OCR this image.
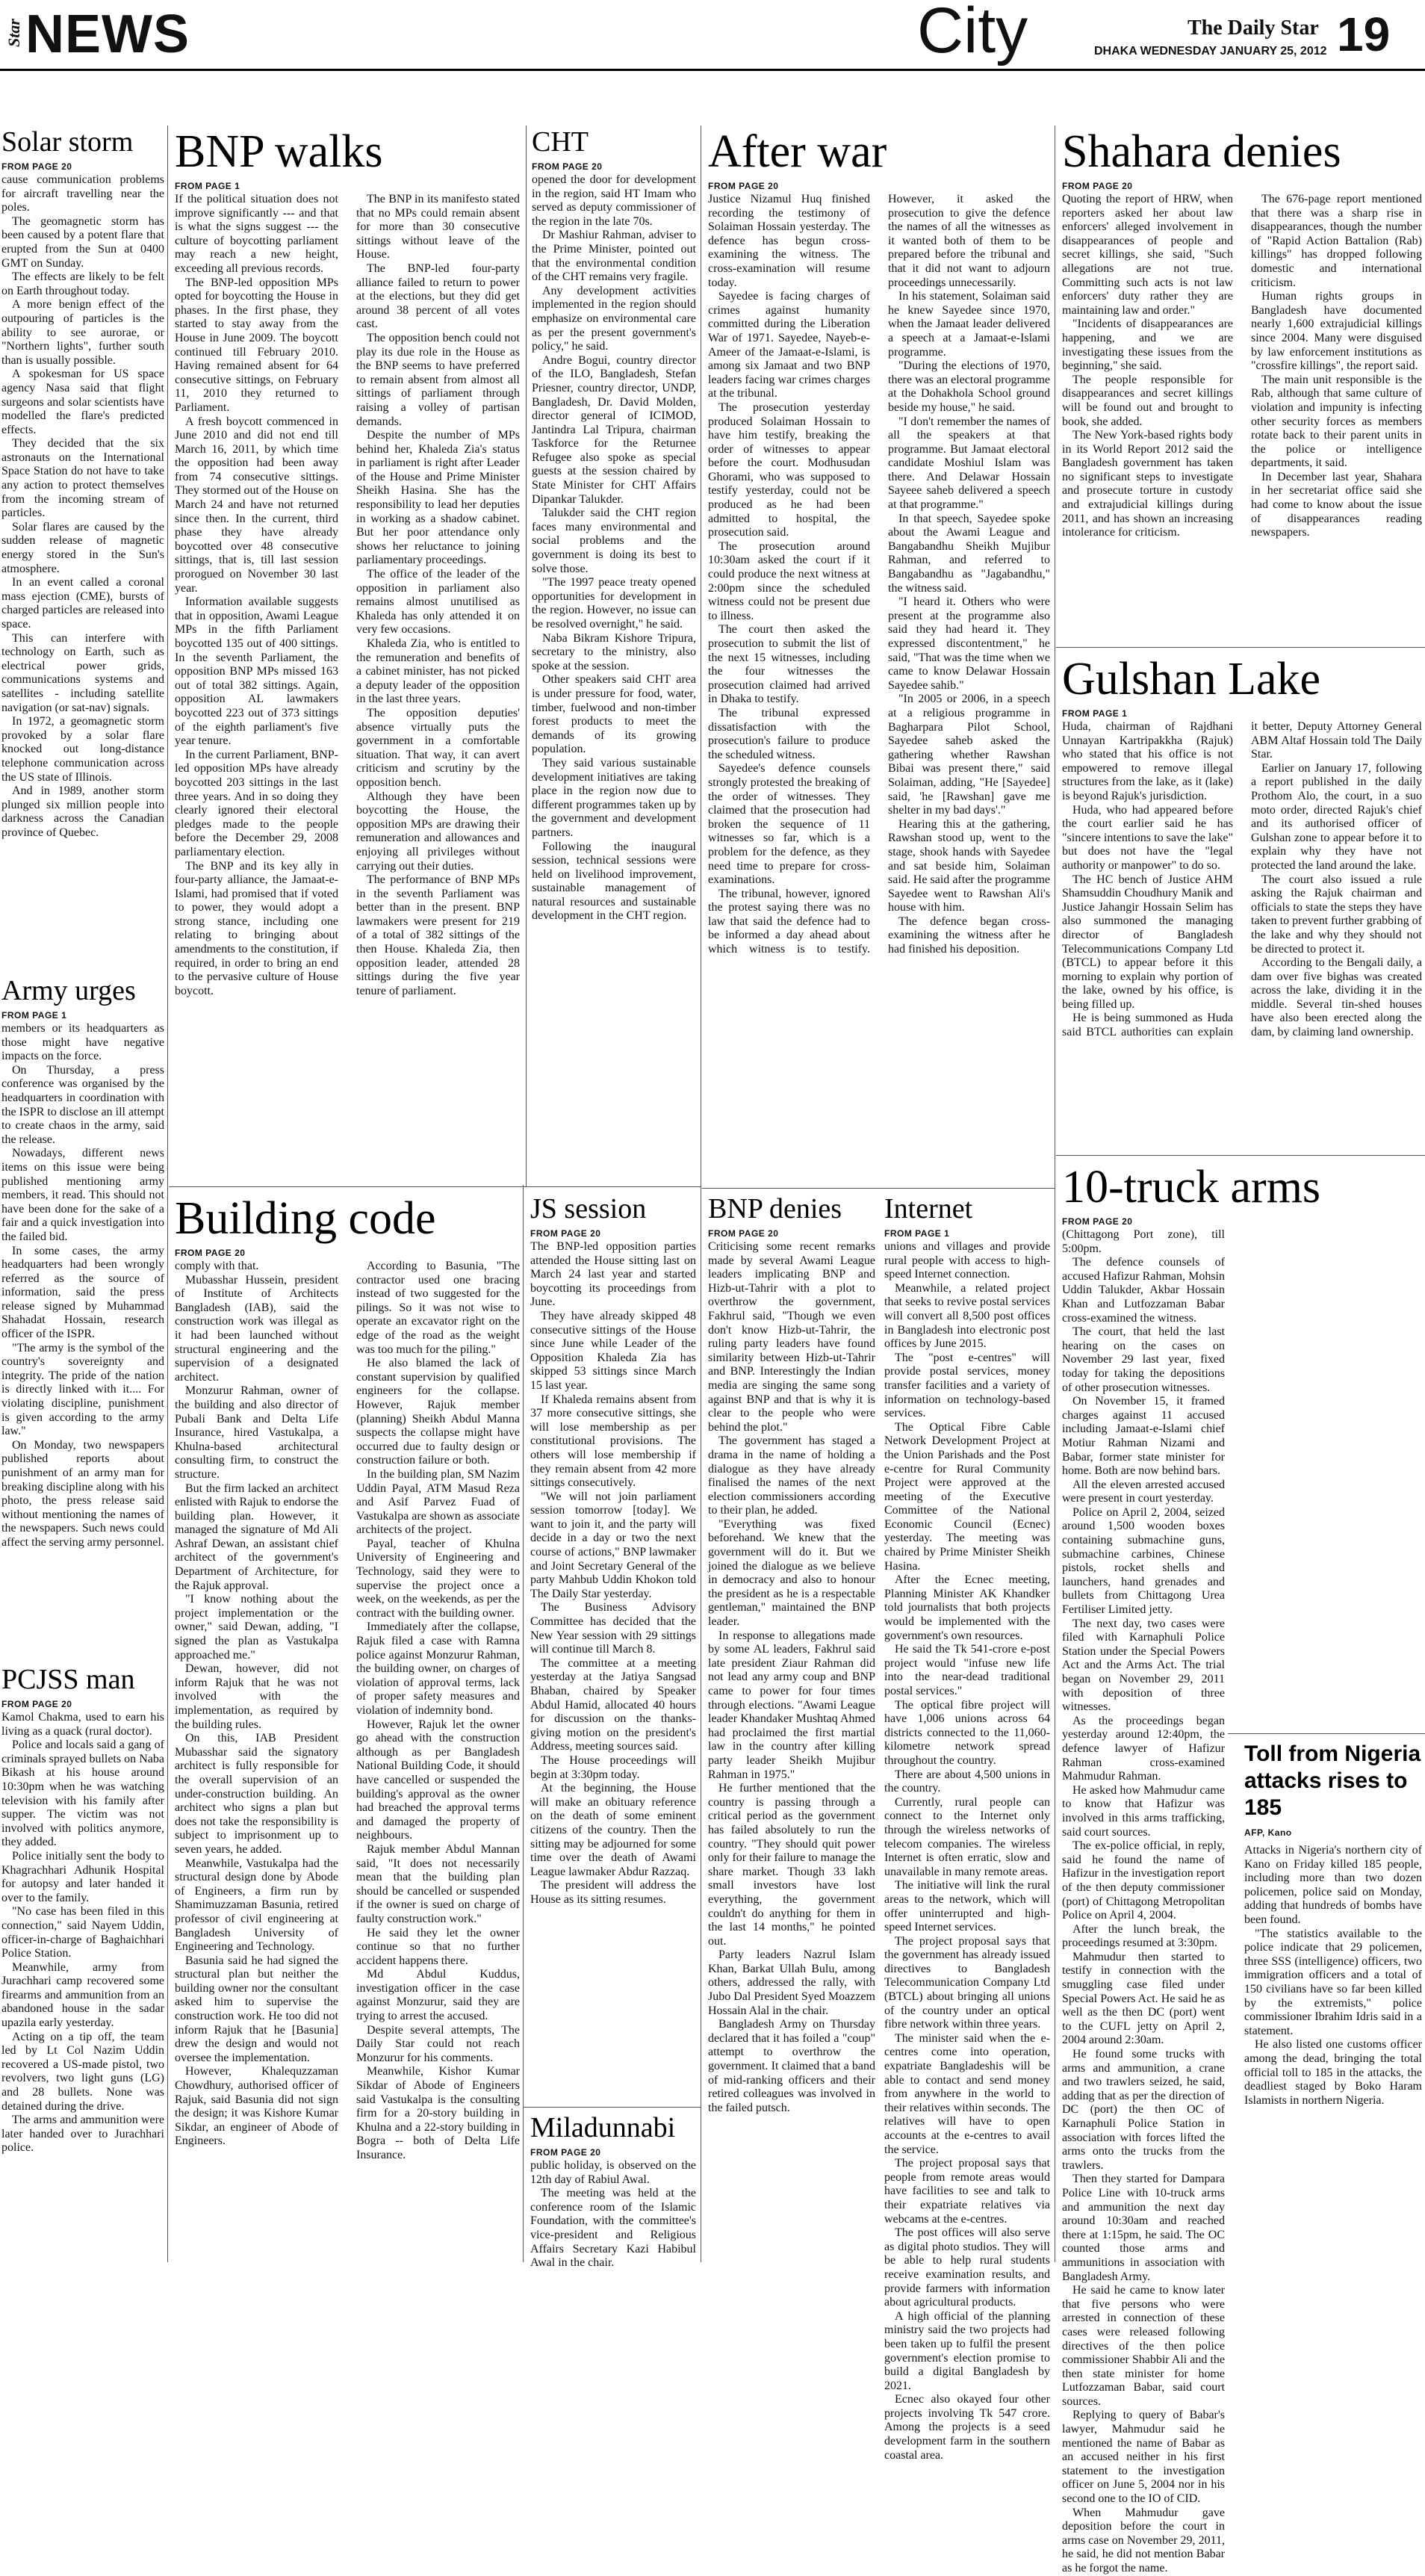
Star NEWS	City	The Daily Star
DHAKA WEDNESDAY JANUARY 25, 2012 19
Solar storm
FROM PAGE 20

cause communication problems for aircraft travelling near the poles.

The geomagnetic storm has been caused by a potent flare that erupted from the Sun at 0400 GMT on Sunday.

The effects are likely to be felt on Earth throughout today.

A more benign effect of the outpouring of particles is the ability to see aurorae, or "Northern lights", further south than is usually possible.

A spokesman for US space agency Nasa said that flight surgeons and solar scientists have modelled the flare's predicted effects.

They decided that the six astronauts on the International Space Station do not have to take any action to protect themselves from the incoming stream of particles.

Solar flares are caused by the sudden release of magnetic energy stored in the Sun's atmosphere.

In an event called a coronal mass ejection (CME), bursts of charged particles are released into space.

This can interfere with technology on Earth, such as electrical power grids, communications systems and satellites - including satellite navigation (or sat-nav) signals.

In 1972, a geomagnetic storm provoked by a solar flare knocked out long-distance telephone communication across the US state of Illinois.

And in 1989, another storm plunged six million people into darkness across the Canadian province of Quebec.

Army urges
FROM PAGE 1

members or its headquarters as those might have negative impacts on the force.

On Thursday, a press conference was organised by the headquarters in coordination with the ISPR to disclose an ill attempt to create chaos in the army, said the release.

Nowadays, different news items on this issue were being published mentioning army members, it read. This should not have been done for the sake of a fair and a quick investigation into the failed bid.

In some cases, the army headquarters had been wrongly referred as the source of information, said the press release signed by Muhammad Shahadat Hossain, research officer of the ISPR.

"The army is the symbol of the country's sovereignty and integrity. The pride of the nation is directly linked with it.... For violating discipline, punishment is given according to the army law."

On Monday, two newspapers published reports about punishment of an army man for breaking discipline along with his photo, the press release said without mentioning the names of the newspapers. Such news could affect the serving army personnel.

PCJSS man
FROM PAGE 20

Kamol Chakma, used to earn his living as a quack (rural doctor).

Police and locals said a gang of criminals sprayed bullets on Naba Bikash at his house around 10:30pm when he was watching television with his family after supper. The victim was not involved with politics anymore, they added.

Police initially sent the body to Khagrachhari Adhunik Hospital for autopsy and later handed it over to the family.

"No case has been filed in this connection," said Nayem Uddin, officer-in-charge of Baghaichhari Police Station.

Meanwhile, army from Jurachhari camp recovered some firearms and ammunition from an abandoned house in the sadar upazila early yesterday.

Acting on a tip off, the team led by Lt Col Nazim Uddin recovered a US-made pistol, two revolvers, two light guns (LG) and 28 bullets. None was detained during the drive.

The arms and ammunition were later handed over to Jurachhari police.

BNP walks
FROM PAGE 1

If the political situation does not improve significantly --- and that is what the signs suggest --- the culture of boycotting parliament may reach a new height, exceeding all previous records.

The BNP-led opposition MPs opted for boycotting the House in phases. In the first phase, they started to stay away from the House in June 2009. The boycott continued till February 2010. Having remained absent for 64 consecutive sittings, on February 11, 2010 they returned to Parliament.

A fresh boycott commenced in June 2010 and did not end till March 16, 2011, by which time the opposition had been away from 74 consecutive sittings. They stormed out of the House on March 24 and have not returned since then. In the current, third phase they have already boycotted over 48 consecutive sittings, that is, till last session prorogued on November 30 last year.

Information available suggests that in opposition, Awami League MPs in the fifth Parliament boycotted 135 out of 400 sittings. In the seventh Parliament, the opposition BNP MPs missed 163 out of total 382 sittings. Again, opposition AL lawmakers boycotted 223 out of 373 sittings of the eighth parliament's five year tenure.

In the current Parliament, BNP-led opposition MPs have already boycotted 203 sittings in the last three years. And in so doing they clearly ignored their electoral pledges made to the people before the December 29, 2008 parliamentary election.

The BNP and its key ally in four-party alliance, the Jamaat-e-Islami, had promised that if voted to power, they would adopt a strong stance, including one relating to bringing about amendments to the constitution, if required, in order to bring an end to the pervasive culture of House boycott.

The BNP in its manifesto stated that no MPs could remain absent for more than 30 consecutive sittings without leave of the House.

The BNP-led four-party alliance failed to return to power at the elections, but they did get around 38 percent of all votes cast.

The opposition bench could not play its due role in the House as the BNP seems to have preferred to remain absent from almost all sittings of parliament through raising a volley of partisan demands.

Despite the number of MPs behind her, Khaleda Zia's status in parliament is right after Leader of the House and Prime Minister Sheikh Hasina. She has the responsibility to lead her deputies in working as a shadow cabinet. But her poor attendance only shows her reluctance to joining parliamentary proceedings.

The office of the leader of the opposition in parliament also remains almost unutilised as Khaleda has only attended it on very few occasions.

Khaleda Zia, who is entitled to the remuneration and benefits of a cabinet minister, has not picked a deputy leader of the opposition in the last three years.

The opposition deputies' absence virtually puts the government in a comfortable situation. That way, it can avert criticism and scrutiny by the opposition bench.

Although they have been boycotting the House, the opposition MPs are drawing their remuneration and allowances and enjoying all privileges without carrying out their duties.

The performance of BNP MPs in the seventh Parliament was better than in the present. BNP lawmakers were present for 219 of a total of 382 sittings of the then House. Khaleda Zia, then opposition leader, attended 28 sittings during the five year tenure of parliament.

CHT
FROM PAGE 20

opened the door for development in the region, said HT Imam who served as deputy commissioner of the region in the late 70s.

Dr Mashiur Rahman, adviser to the Prime Minister, pointed out that the environmental condition of the CHT remains very fragile.

Any development activities implemented in the region should emphasize on environmental care as per the present government's policy," he said.

Andre Bogui, country director of the ILO, Bangladesh, Stefan Priesner, country director, UNDP, Bangladesh, Dr. David Molden, director general of ICIMOD, Jantindra Lal Tripura, chairman Taskforce for the Returnee Refugee also spoke as special guests at the session chaired by State Minister for CHT Affairs Dipankar Talukder.

Talukder said the CHT region faces many environmental and social problems and the government is doing its best to solve those.

"The 1997 peace treaty opened opportunities for development in the region. However, no issue can be resolved overnight," he said.

Naba Bikram Kishore Tripura, secretary to the ministry, also spoke at the session.

Other speakers said CHT area is under pressure for food, water, timber, fuelwood and non-timber forest products to meet the demands of its growing population.

They said various sustainable development initiatives are taking place in the region now due to different programmes taken up by the government and development partners.

Following the inaugural session, technical sessions were held on livelihood improvement, sustainable management of natural resources and sustainable development in the CHT region.

After war
FROM PAGE 20

Justice Nizamul Huq finished recording the testimony of Solaiman Hossain yesterday. The defence has begun cross-examining the witness. The cross-examination will resume today.

Sayedee is facing charges of crimes against humanity committed during the Liberation War of 1971. Sayedee, Nayeb-e-Ameer of the Jamaat-e-Islami, is among six Jamaat and two BNP leaders facing war crimes charges at the tribunal.

The prosecution yesterday produced Solaiman Hossain to have him testify, breaking the order of witnesses to appear before the court. Modhusudan Ghorami, who was supposed to testify yesterday, could not be produced as he had been admitted to hospital, the prosecution said.

The prosecution around 10:30am asked the court if it could produce the next witness at 2:00pm since the scheduled witness could not be present due to illness.

The court then asked the prosecution to submit the list of the next 15 witnesses, including the four witnesses the prosecution claimed had arrived in Dhaka to testify.

The tribunal expressed dissatisfaction with the prosecution's failure to produce the scheduled witness.

Sayedee's defence counsels strongly protested the breaking of the order of witnesses. They claimed that the prosecution had broken the sequence of 11 witnesses so far, which is a problem for the defence, as they need time to prepare for cross-examinations.

The tribunal, however, ignored the protest saying there was no law that said the defence had to be informed a day ahead about which witness is to testify. However, it asked the prosecution to give the defence the names of all the witnesses as it wanted both of them to be prepared before the tribunal and that it did not want to adjourn proceedings unnecessarily.

In his statement, Solaiman said he knew Sayedee since 1970, when the Jamaat leader delivered a speech at a Jamaat-e-Islami programme.

"During the elections of 1970, there was an electoral programme at the Dohakhola School ground beside my house," he said.

"I don't remember the names of all the speakers at that programme. But Jamaat electoral candidate Moshiul Islam was there. And Delawar Hossain Sayeee saheb delivered a speech at that programme."

In that speech, Sayedee spoke about the Awami League and Bangabandhu Sheikh Mujibur Rahman, and referred to Bangabandhu as "Jagabandhu," the witness said.

"I heard it. Others who were present at the programme also said they had heard it. They expressed discontentment," he said, "That was the time when we came to know Delawar Hossain Sayedee sahib."

"In 2005 or 2006, in a speech at a religious programme in Bagharpara Pilot School, Sayedee saheb asked the gathering whether Rawshan Bibai was present there," said Solaiman, adding, "He [Sayedee] said, 'he [Rawshan] gave me shelter in my bad days'."

Hearing this at the gathering, Rawshan stood up, went to the stage, shook hands with Sayedee and sat beside him, Solaiman said. He said after the programme Sayedee went to Rawshan Ali's house with him.

The defence began cross-examining the witness after he had finished his deposition.

Building code
FROM PAGE 20

comply with that.

Mubasshar Hussein, president of Institute of Architects Bangladesh (IAB), said the construction work was illegal as it had been launched without structural engineering and the supervision of a designated architect.

Monzurur Rahman, owner of the building and also director of Pubali Bank and Delta Life Insurance, hired Vastukalpa, a Khulna-based architectural consulting firm, to construct the structure.

But the firm lacked an architect enlisted with Rajuk to endorse the building plan. However, it managed the signature of Md Ali Ashraf Dewan, an assistant chief architect of the government's Department of Architecture, for the Rajuk approval.

"I know nothing about the project implementation or the owner," said Dewan, adding, "I signed the plan as Vastukalpa approached me."

Dewan, however, did not inform Rajuk that he was not involved with the implementation, as required by the building rules.

On this, IAB President Mubasshar said the signatory architect is fully responsible for the overall supervision of an under-construction building. An architect who signs a plan but does not take the responsibility is subject to imprisonment up to seven years, he added.

Meanwhile, Vastukalpa had the structural design done by Abode of Engineers, a firm run by Shamimuzzaman Basunia, retired professor of civil engineering at Bangladesh University of Engineering and Technology.

Basunia said he had signed the structural plan but neither the building owner nor the consultant asked him to supervise the construction work. He too did not inform Rajuk that he [Basunia] drew the design and would not oversee the implementation.

However, Khalequzzaman Chowdhury, authorised officer of Rajuk, said Basunia did not sign the design; it was Kishore Kumar Sikdar, an engineer of Abode of Engineers.

According to Basunia, "The contractor used one bracing instead of two suggested for the pilings. So it was not wise to operate an excavator right on the edge of the road as the weight was too much for the piling."

He also blamed the lack of constant supervision by qualified engineers for the collapse. However, Rajuk member (planning) Sheikh Abdul Manna suspects the collapse might have occurred due to faulty design or construction failure or both.

In the building plan, SM Nazim Uddin Payal, ATM Masud Reza and Asif Parvez Fuad of Vastukalpa are shown as associate architects of the project.

Payal, teacher of Khulna University of Engineering and Technology, said they were to supervise the project once a week, on the weekends, as per the contract with the building owner.

Immediately after the collapse, Rajuk filed a case with Ramna police against Monzurur Rahman, the building owner, on charges of violation of approval terms, lack of proper safety measures and violation of indemnity bond.

However, Rajuk let the owner go ahead with the construction although as per Bangladesh National Building Code, it should have cancelled or suspended the building's approval as the owner had breached the approval terms and damaged the property of neighbours.

Rajuk member Abdul Mannan said, "It does not necessarily mean that the building plan should be cancelled or suspended if the owner is sued on charge of faulty construction work."

He said they let the owner continue so that no further accident happens there.

Md Abdul Kuddus, investigation officer in the case against Monzurur, said they are trying to arrest the accused.

Despite several attempts, The Daily Star could not reach Monzurur for his comments.

Meanwhile, Kishor Kumar Sikdar of Abode of Engineers said Vastukalpa is the consulting firm for a 20-story building in Khulna and a 22-story building in Bogra -- both of Delta Life Insurance.

JS session
FROM PAGE 20

The BNP-led opposition parties attended the House sitting last on March 24 last year and started boycotting its proceedings from June.

They have already skipped 48 consecutive sittings of the House since June while Leader of the Opposition Khaleda Zia has skipped 53 sittings since March 15 last year.

If Khaleda remains absent from 37 more consecutive sittings, she will lose membership as per constitutional provisions. The others will lose membership if they remain absent from 42 more sittings consecutively.

"We will not join parliament session tomorrow [today]. We want to join it, and the party will decide in a day or two the next course of actions," BNP lawmaker and Joint Secretary General of the party Mahbub Uddin Khokon told The Daily Star yesterday.

The Business Advisory Committee has decided that the New Year session with 29 sittings will continue till March 8.

The committee at a meeting yesterday at the Jatiya Sangsad Bhaban, chaired by Speaker Abdul Hamid, allocated 40 hours for discussion on the thanks-giving motion on the president's Address, meeting sources said.

The House proceedings will begin at 3:30pm today.

At the beginning, the House will make an obituary reference on the death of some eminent citizens of the country. Then the sitting may be adjourned for some time over the death of Awami League lawmaker Abdur Razzaq.

The president will address the House as its sitting resumes.

Miladunnabi
FROM PAGE 20

public holiday, is observed on the 12th day of Rabiul Awal.

The meeting was held at the conference room of the Islamic Foundation, with the committee's vice-president and Religious Affairs Secretary Kazi Habibul Awal in the chair.

BNP denies
FROM PAGE 20

Criticising some recent remarks made by several Awami League leaders implicating BNP and Hizb-ut-Tahrir with a plot to overthrow the government, Fakhrul said, "Though we even don't know Hizb-ut-Tahrir, the ruling party leaders have found similarity between Hizb-ut-Tahrir and BNP. Interestingly the Indian media are singing the same song against BNP and that is why it is clear to the people who were behind the plot."

The government has staged a drama in the name of holding a dialogue as they have already finalised the names of the next election commissioners according to their plan, he added.

"Everything was fixed beforehand. We knew that the government will do it. But we joined the dialogue as we believe in democracy and also to honour the president as he is a respectable gentleman," maintained the BNP leader.

In response to allegations made by some AL leaders, Fakhrul said late president Ziaur Rahman did not lead any army coup and BNP came to power for four times through elections. "Awami League leader Khandaker Mushtaq Ahmed had proclaimed the first martial law in the country after killing party leader Sheikh Mujibur Rahman in 1975."

He further mentioned that the country is passing through a critical period as the government has failed absolutely to run the country. "They should quit power only for their failure to manage the share market. Though 33 lakh small investors have lost everything, the government couldn't do anything for them in the last 14 months," he pointed out.

Party leaders Nazrul Islam Khan, Barkat Ullah Bulu, among others, addressed the rally, with Jubo Dal President Syed Moazzem Hossain Alal in the chair.

Bangladesh Army on Thursday declared that it has foiled a "coup" attempt to overthrow the government. It claimed that a band of mid-ranking officers and their retired colleagues was involved in the failed putsch.

Internet
FROM PAGE 1

unions and villages and provide rural people with access to high-speed Internet connection.

Meanwhile, a related project that seeks to revive postal services will convert all 8,500 post offices in Bangladesh into electronic post offices by June 2015.

The "post e-centres" will provide postal services, money transfer facilities and a variety of information on technology-based services.

The Optical Fibre Cable Network Development Project at the Union Parishads and the Post e-centre for Rural Community Project were approved at the meeting of the Executive Committee of the National Economic Council (Ecnec) yesterday. The meeting was chaired by Prime Minister Sheikh Hasina.

After the Ecnec meeting, Planning Minister AK Khandker told journalists that both projects would be implemented with the government's own resources.

He said the Tk 541-crore e-post project would "infuse new life into the near-dead traditional postal services."

The optical fibre project will have 1,006 unions across 64 districts connected to the 11,060-kilometre network spread throughout the country.

There are about 4,500 unions in the country.

Currently, rural people can connect to the Internet only through the wireless networks of telecom companies. The wireless Internet is often erratic, slow and unavailable in many remote areas.

The initiative will link the rural areas to the network, which will offer uninterrupted and high-speed Internet services.

The project proposal says that the government has already issued directives to Bangladesh Telecommunication Company Ltd (BTCL) about bringing all unions of the country under an optical fibre network within three years.

The minister said when the e-centres come into operation, expatriate Bangladeshis will be able to contact and send money from anywhere in the world to their relatives within seconds. The relatives will have to open accounts at the e-centres to avail the service.

The project proposal says that people from remote areas would have facilities to see and talk to their expatriate relatives via webcams at the e-centres.

The post offices will also serve as digital photo studios. They will be able to help rural students receive examination results, and provide farmers with information about agricultural products.

A high official of the planning ministry said the two projects had been taken up to fulfil the present government's election promise to build a digital Bangladesh by 2021.

Ecnec also okayed four other projects involving Tk 547 crore. Among the projects is a seed development farm in the southern coastal area.

Shahara denies
FROM PAGE 20

Quoting the report of HRW, when reporters asked her about law enforcers' alleged involvement in disappearances of people and secret killings, she said, "Such allegations are not true. Committing such acts is not law enforcers' duty rather they are maintaining law and order."

"Incidents of disappearances are happening, and we are investigating these issues from the beginning," she said.

The people responsible for disappearances and secret killings will be found out and brought to book, she added.

The New York-based rights body in its World Report 2012 said the Bangladesh government has taken no significant steps to investigate and prosecute torture in custody and extrajudicial killings during 2011, and has shown an increasing intolerance for criticism.

The 676-page report mentioned that there was a sharp rise in disappearances, though the number of "Rapid Action Battalion (Rab) killings" has dropped following domestic and international criticism.

Human rights groups in Bangladesh have documented nearly 1,600 extrajudicial killings since 2004. Many were disguised by law enforcement institutions as "crossfire killings", the report said.

The main unit responsible is the Rab, although that same culture of violation and impunity is infecting other security forces as members rotate back to their parent units in the police or intelligence departments, it said.

In December last year, Shahara in her secretariat office said she had come to know about the issue of disappearances reading newspapers.

Gulshan Lake
FROM PAGE 1

Huda, chairman of Rajdhani Unnayan Kartripakkha (Rajuk) who stated that his office is not empowered to remove illegal structures from the lake, as it (lake) is beyond Rajuk's jurisdiction.

Huda, who had appeared before the court earlier said he has "sincere intentions to save the lake" but does not have the "legal authority or manpower" to do so.

The HC bench of Justice AHM Shamsuddin Choudhury Manik and Justice Jahangir Hossain Selim has also summoned the managing director of Bangladesh Telecommunications Company Ltd (BTCL) to appear before it this morning to explain why portion of the lake, owned by his office, is being filled up.

He is being summoned as Huda said BTCL authorities can explain it better, Deputy Attorney General ABM Altaf Hossain told The Daily Star.

Earlier on January 17, following a report published in the daily Prothom Alo, the court, in a suo moto order, directed Rajuk's chief and its authorised officer of Gulshan zone to appear before it to explain why they have not protected the land around the lake.

The court also issued a rule asking the Rajuk chairman and officials to state the steps they have taken to prevent further grabbing of the lake and why they should not be directed to protect it.

According to the Bengali daily, a dam over five bighas was created across the lake, dividing it in the middle. Several tin-shed houses have also been erected along the dam, by claiming land ownership.

10-truck arms
FROM PAGE 20

(Chittagong Port zone), till 5:00pm.

The defence counsels of accused Hafizur Rahman, Mohsin Uddin Talukder, Akbar Hossain Khan and Lutfozzaman Babar cross-examined the witness.

The court, that held the last hearing on the cases on November 29 last year, fixed today for taking the depositions of other prosecution witnesses.

On November 15, it framed charges against 11 accused including Jamaat-e-Islami chief Motiur Rahman Nizami and Babar, former state minister for home. Both are now behind bars.

All the eleven arrested accused were present in court yesterday.

Police on April 2, 2004, seized around 1,500 wooden boxes containing submachine guns, submachine carbines, Chinese pistols, rocket shells and launchers, hand grenades and bullets from Chittagong Urea Fertiliser Limited jetty.

The next day, two cases were filed with Karnaphuli Police Station under the Special Powers Act and the Arms Act. The trial began on November 29, 2011 with deposition of three witnesses.

As the proceedings began yesterday around 12:40pm, the defence lawyer of Hafizur Rahman cross-examined Mahmudur Rahman.

He asked how Mahmudur came to know that Hafizur was involved in this arms trafficking, said court sources.

The ex-police official, in reply, said he found the name of Hafizur in the investigation report of the then deputy commissioner (port) of Chittagong Metropolitan Police on April 4, 2004.

After the lunch break, the proceedings resumed at 3:30pm.

Mahmudur then started to testify in connection with the smuggling case filed under Special Powers Act. He said he as well as the then DC (port) went to the CUFL jetty on April 2, 2004 around 2:30am.

He found some trucks with arms and ammunition, a crane and two trawlers seized, he said, adding that as per the direction of DC (port) the then OC of Karnaphuli Police Station in association with forces lifted the arms onto the trucks from the trawlers.

Then they started for Dampara Police Line with 10-truck arms and ammunition the next day around 10:30am and reached there at 1:15pm, he said. The OC counted those arms and ammunitions in association with Bangladesh Army.

He said he came to know later that five persons who were arrested in connection of these cases were released following directives of the then police commissioner Shabbir Ali and the then state minister for home Lutfozzaman Babar, said court sources.

Replying to query of Babar's lawyer, Mahmudur said he mentioned the name of Babar as an accused neither in his first statement to the investigation officer on June 5, 2004 nor in his second one to the IO of CID.

When Mahmudur gave deposition before the court in arms case on November 29, 2011, he said, he did not mention Babar as he forgot the name.

Toll from Nigeria attacks rises to 185
AFP, Kano

Attacks in Nigeria's northern city of Kano on Friday killed 185 people, including more than two dozen policemen, police said on Monday, adding that hundreds of bombs have been found.

"The statistics available to the police indicate that 29 policemen, three SSS (intelligence) officers, two immigration officers and a total of 150 civilians have so far been killed by the extremists," police commissioner Ibrahim Idris said in a statement.

He also listed one customs officer among the dead, bringing the total official toll to 185 in the attacks, the deadliest staged by Boko Haram Islamists in northern Nigeria.
